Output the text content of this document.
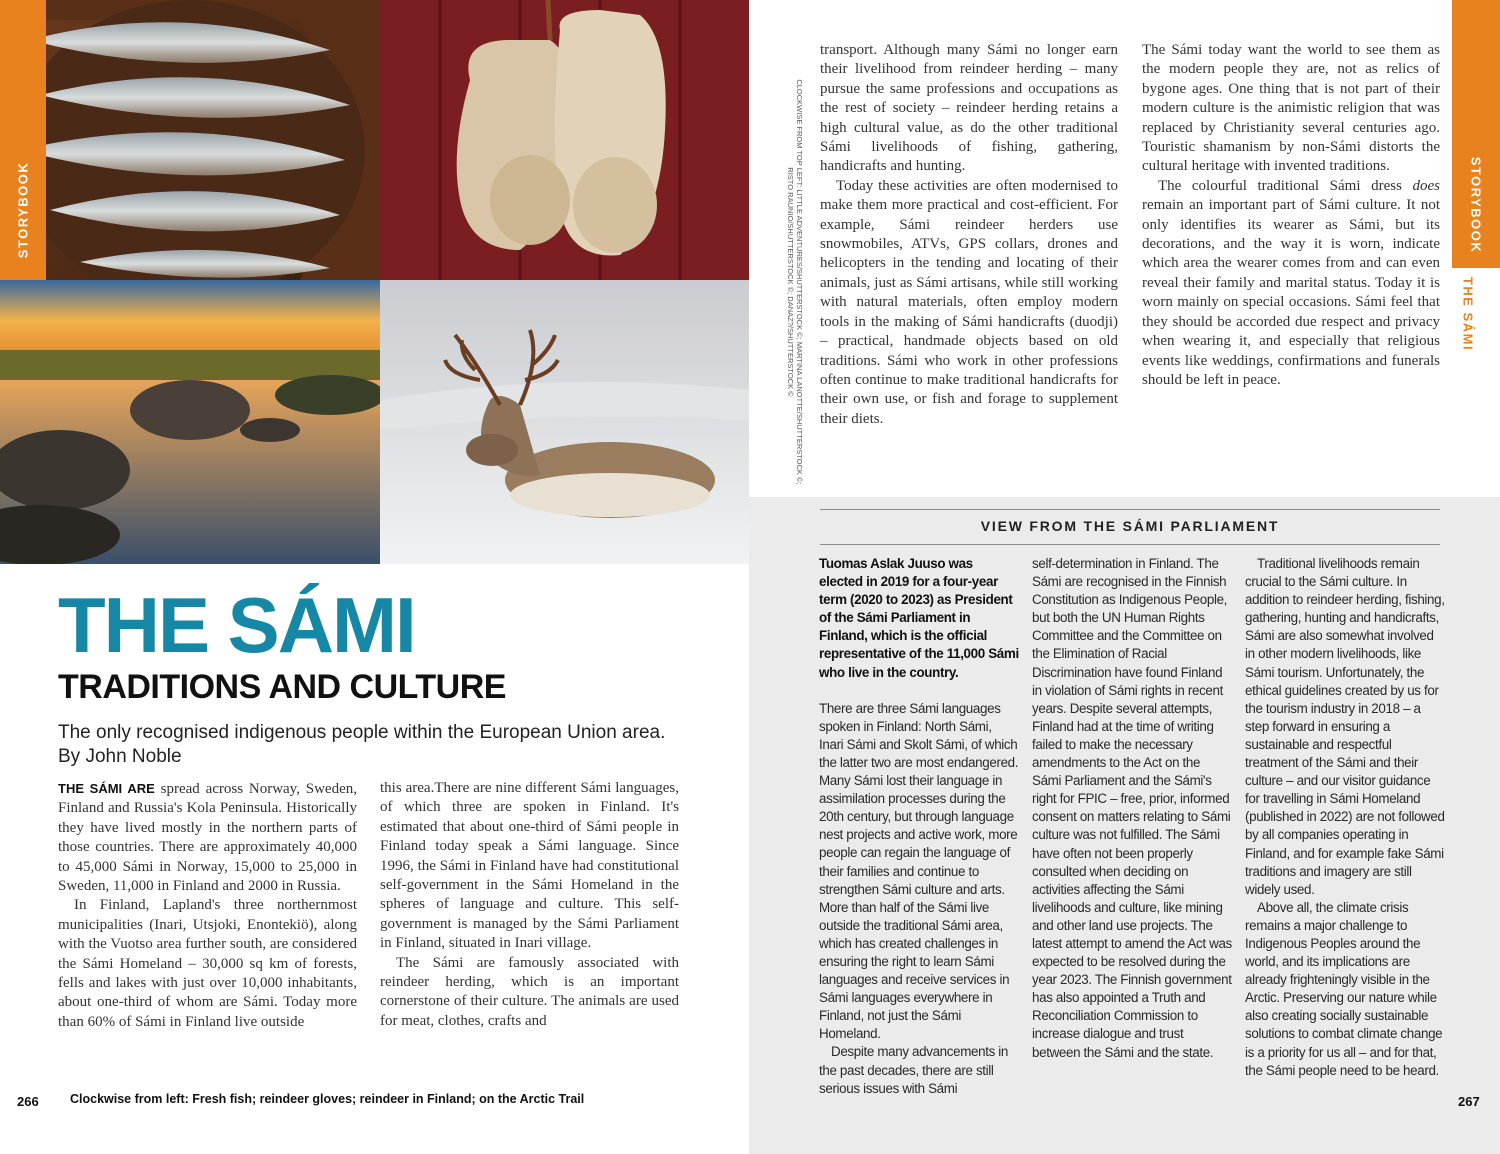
STORYBOOK	STORYBOOK
THE SÁMI
CLOCKWISE FROM TOP LEFT: LITTLE ADVENTURES/SHUTTERSTOCK ©; MARTINA LANOTTE/SHUTTERSTOCK ©;
RISTO RAUNIO/SHUTTERSTOCK ©; DANAZ?/SHUTTERSTOCK ©
THE SÁMI
TRADITIONS AND CULTURE
The only recognised indigenous people within the European Union area.
By John Noble

THE SÁMI ARE spread across Norway, Sweden, Finland and Russia's Kola Peninsula. Historically they have lived mostly in the northern parts of those countries. There are approximately 40,000 to 45,000 Sámi in Norway, 15,000 to 25,000 in Sweden, 11,000 in Finland and 2000 in Russia.

In Finland, Lapland's three northernmost municipalities (Inari, Utsjoki, Enontekiö), along with the Vuotso area further south, are considered the Sámi Homeland – 30,000 sq km of forests, fells and lakes with just over 10,000 inhabitants, about one-third of whom are Sámi. Today more than 60% of Sámi in Finland live outside

this area.There are nine different Sámi languages, of which three are spoken in Finland. It's estimated that about one-third of Sámi people in Finland today speak a Sámi language. Since 1996, the Sámi in Finland have had constitutional self-government in the Sámi Homeland in the spheres of language and culture. This self-government is managed by the Sámi Parliament in Finland, situated in Inari village.

The Sámi are famously associated with reindeer herding, which is an important cornerstone of their culture. The animals are used for meat, clothes, crafts and

transport. Although many Sámi no longer earn their livelihood from reindeer herding – many pursue the same professions and occupations as the rest of society – reindeer herding retains a high cultural value, as do the other traditional Sámi livelihoods of fishing, gathering, handicrafts and hunting.

Today these activities are often modernised to make them more practical and cost-efficient. For example, Sámi reindeer herders use snowmobiles, ATVs, GPS collars, drones and helicopters in the tending and locating of their animals, just as Sámi artisans, while still working with natural materials, often employ modern tools in the making of Sámi handicrafts (duodji) – practical, handmade objects based on old traditions. Sámi who work in other professions often continue to make traditional handicrafts for their own use, or fish and forage to supplement their diets.

The Sámi today want the world to see them as the modern people they are, not as relics of bygone ages. One thing that is not part of their modern culture is the animistic religion that was replaced by Christianity several centuries ago. Touristic shamanism by non-Sámi distorts the cultural heritage with invented traditions.

The colourful traditional Sámi dress does remain an important part of Sámi culture. It not only identifies its wearer as Sámi, but its decorations, and the way it is worn, indicate which area the wearer comes from and can even reveal their family and marital status. Today it is worn mainly on special occasions. Sámi feel that they should be accorded due respect and privacy when wearing it, and especially that religious events like weddings, confirmations and funerals should be left in peace.

VIEW FROM THE SÁMI PARLIAMENT

Tuomas Aslak Juuso was elected in 2019 for a four-year term (2020 to 2023) as President of the Sámi Parliament in Finland, which is the official representative of the 11,000 Sámi who live in the country.

There are three Sámi languages spoken in Finland: North Sámi, Inari Sámi and Skolt Sámi, of which the latter two are most endangered. Many Sámi lost their language in assimilation processes during the 20th century, but through language nest projects and active work, more people can regain the language of their families and continue to strengthen Sámi culture and arts. More than half of the Sámi live outside the traditional Sámi area, which has created challenges in ensuring the right to learn Sámi languages and receive services in Sámi languages everywhere in Finland, not just the Sámi Homeland.

Despite many advancements in the past decades, there are still serious issues with Sámi

self-determination in Finland. The Sámi are recognised in the Finnish Constitution as Indigenous People, but both the UN Human Rights Committee and the Committee on the Elimination of Racial Discrimination have found Finland in violation of Sámi rights in recent years. Despite several attempts, Finland had at the time of writing failed to make the necessary amendments to the Act on the Sámi Parliament and the Sámi's right for FPIC – free, prior, informed consent on matters relating to Sámi culture was not fulfilled. The Sámi have often not been properly consulted when deciding on activities affecting the Sámi livelihoods and culture, like mining and other land use projects. The latest attempt to amend the Act was expected to be resolved during the year 2023. The Finnish government has also appointed a Truth and Reconciliation Commission to increase dialogue and trust between the Sámi and the state.

Traditional livelihoods remain crucial to the Sámi culture. In addition to reindeer herding, fishing, gathering, hunting and handicrafts, Sámi are also somewhat involved in other modern livelihoods, like Sámi tourism. Unfortunately, the ethical guidelines created by us for the tourism industry in 2018 – a step forward in ensuring a sustainable and respectful treatment of the Sámi and their culture – and our visitor guidance for travelling in Sámi Homeland (published in 2022) are not followed by all companies operating in Finland, and for example fake Sámi traditions and imagery are still widely used.

Above all, the climate crisis remains a major challenge to Indigenous Peoples around the world, and its implications are already frighteningly visible in the Arctic. Preserving our nature while also creating socially sustainable solutions to combat climate change is a priority for us all – and for that, the Sámi people need to be heard.

266	Clockwise from left: Fresh fish; reindeer gloves; reindeer in Finland; on the Arctic Trail	267
